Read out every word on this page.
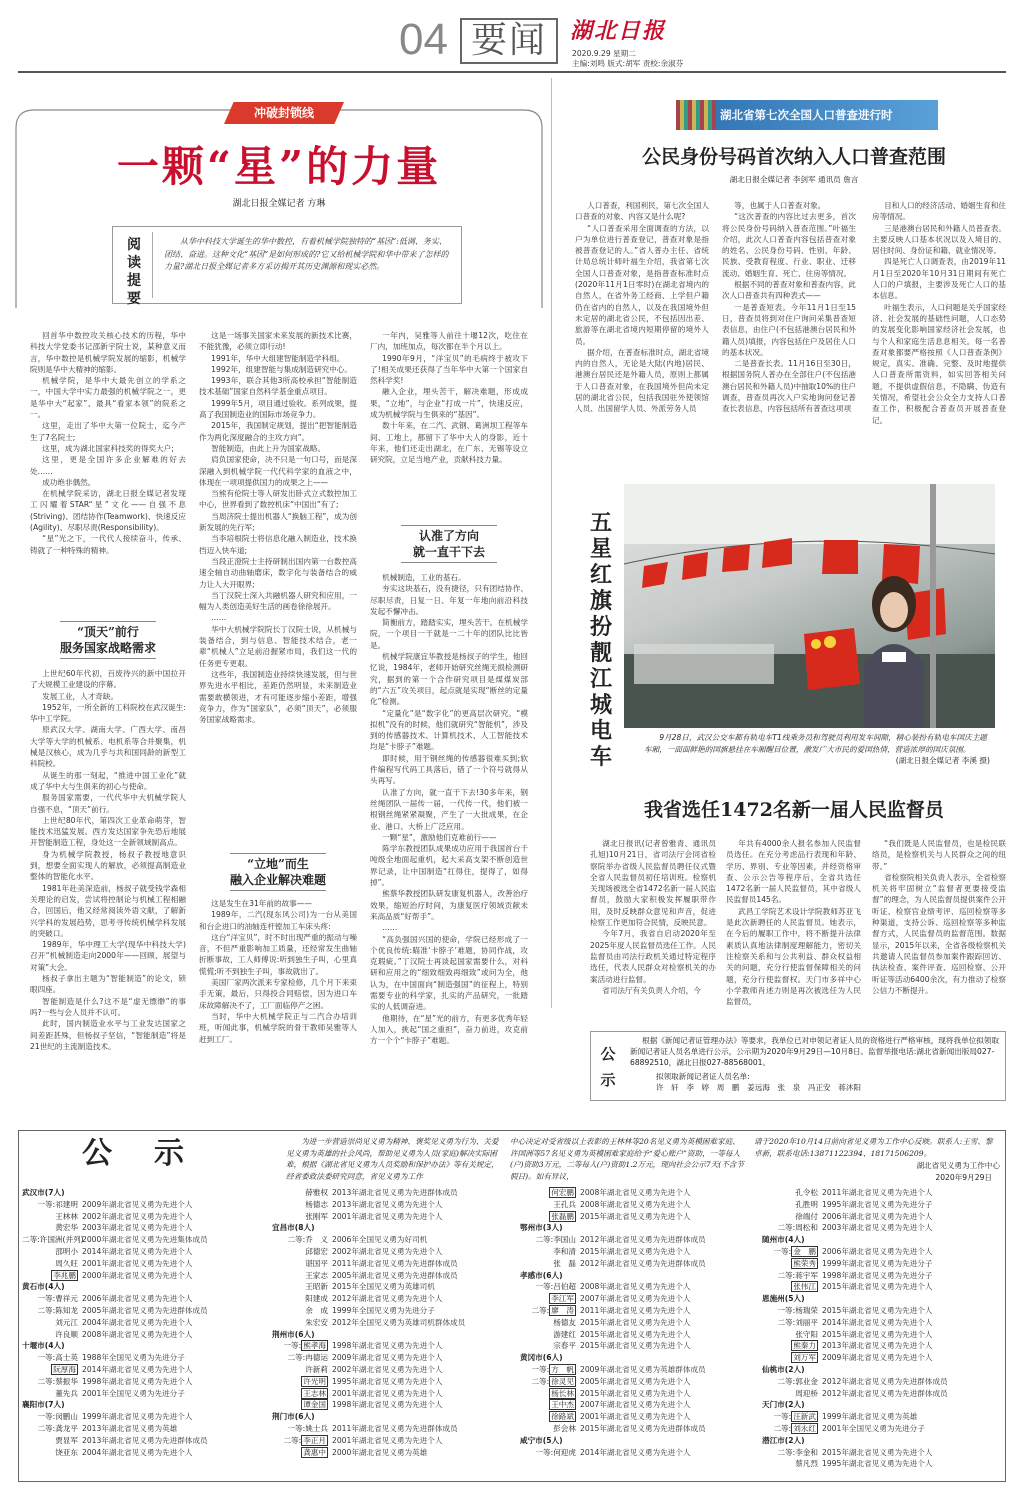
04 要闻	湖北日报
2020.9.29 星期二
主编:刘鸣 版式:胡军 责校:余淑芬
冲破封锁线
一颗“星”的力量
湖北日报全媒记者 方琳
阅读提要
从华中科技大学诞生的华中数控，有着机械学院独特的“基因”:低调、务实、团结、奋进。这种文化“基因”是如何形成的?它又给机械学院和华中带来了怎样的力量?湖北日报全媒记者多方采访揭开其历史渊源和现实必然。

回首华中数控攻关核心技术的历程，华中科技大学党委书记邵新宇院士说，某种意义而言，华中数控是机械学院发展的缩影，机械学院则是华中大精神的缩影。

机械学院，是华中大最先创立的学系之一，中国大学中实力最强的机械学院之一，更是华中大“起家”、最具“看家本领”的院系之一。

这里，走出了华中大第一位院士，迄今产生了7名院士;

这里，成为湖北国家科技奖的得奖大户;

这里，更是全国许多企业解难的好去处……

成功绝非偶然。

在机械学院采访，湖北日报全媒记者发现工闪耀着STAR“星”文化——自强不息(Striving)、团结协作(Teamwork)、快速反应(Agility)、尽职尽责(Responsibility)。

“星”光之下，一代代人接续奋斗，传承、铸就了一种特殊的精神。

“顶天”前行
服务国家战略需求

上世纪60年代初，百废待兴的新中国拉开了大规模工业建设的序幕。

发展工业，人才奇缺。

1952年，一所全新的工科院校在武汉诞生:华中工学院。

原武汉大学、湖南大学、广西大学、南昌大学等大学的机械系、电机系等合并聚集，机械是汉核心，成为几乎与共和国同龄的新型工科院校。

从诞生的那一刻起，“推进中国工业化”就成了华中大与生俱来的初心与使命。

服务国家需要，一代代华中大机械学院人自强不息，“顶天”前行。

上世纪80年代，第四次工业革命萌芽，智能技术迅猛发展。西方发达国家争先恐后地展开智能制造工程，身处这一全新领域制高点。

身为机械学院教授，杨叔子教授地意识到，想要全面实现人的解放，必须提高制造业整体的智能化水平。

1981年赴美深造前，杨叔子就受钱学森相关理论的启发，尝试将控制论与机械工程相融合，回国后，他又经常阅读外语文献，了解新兴学科的发展趋势，思考寻传统机械学科发展的突破口。

1989年，华中理工大学(现华中科技大学)召开“机械制造走向2000年——回顾、展望与对策”大会。

杨叔子拿出主题为“智能制造”的论文，锁眼四座。

智能制造是什么?这不是“虚无缥缈”的事吗?一些与会人员并不认可。

此时，国内制造业水平与工业发达国家之间差距甚殊，但杨叔子坚信，“智能制造”将是21世纪的主流制造技术。

这是一场事关国家未来发展的新技术比赛，不能犹豫，必须立即行动!

1991年，华中大组建智能制造学科组。

1992年，组建智能与集成制造研究中心。

1993年，联合其他3所高校承担“智能制造技术基础”国家自然科学基金重点项目。

1999年5月，项目通过验收。系列成果，提高了我国制造业的国际市场竞争力。

2015年，我国制定规划，提出“把智能制造作为两化深度融合的主攻方向”。

智能制造，由此上升为国家战略。

肩负国家使命，决不只是一句口号，而是深深融入到机械学院一代代科学家的血液之中，体现在一项项提供国力的成果之上——

当熊有伦院士等人研发出卧式立式数控加工中心，世界看到了数控机床“中国出”有了;

当周济院士提出机器人“换脑工程”，成为创新发展的先行军;

当李培根院士将信息化融入制造业，技术换挡迈入快车道;

当段正澄院士主持研制出国内第一台数控高速全轴自动曲轴磨床，数字化与装备结合的威力让人大开眼界;

当丁汉院士深入共融机器人研究和应用，一幅为人类创造美好生活的画卷徐徐展开。

……

华中大机械学院院长丁汉院士说，从机械与装备结合，到与信息、智能技术结合，老一辈“机械人”立足前沿握紧市局，我们这一代的任务更专更艰。

这些年，我国制造业持续快速发展，但与世界先进水平相比，差距仍然明显，未来制造业需要敢横领进，才有可能逐步缩小差距，增强竞争力，作为“国家队”，必须“顶天”，必须服务国家战略需求。

“立地”而生
融入企业解决难题

这是发生在31年前的故事——

1989年，二汽(现东风公司)为一台从美国和台企进口的油轴连杆镗加工车床头疼:

这台“洋宝贝”，时不时出现严重的振动与噪音，不但严重影响加工质量，还经常发生曲轴折断事故，工人师傅说:听到独生子叫，心里真慌慌;听不到独生子叫，事故就出了。

美国厂家两次派来专家检修，几个月下来束手无策，最后，只得投合同赔偿，因为进口车床故障解决不了，工厂面临停产之困。

当时，华中大机械学院正与二汽合办培训班，听闻此事，机械学院的骨干教师吴雅等人赶到工厂。

一年内，吴雅等人前往十堰12次，吃住在厂内，加班加点，每次都在半个月以上。

1990年9月，“洋宝贝”的毛病终于被攻下了!相关成果还获得了当年华中大第一个国家自然科学奖!

融入企业，埋头苦干，解决难题，形成成果，“立地”，与企业“打成一片”，快速反应，成为机械学院与生俱来的“基因”。

数十年来，在二汽、武钢、葛洲坝工程等车间、工地上，都留下了华中大人的身影，近十年来，他们还走出湖北，在广东、无锡等设立研究院，立足当地产业，贡献科技力量。

认准了方向
就一直干下去

机械制造，工业的基石。

夯实这块基石，没有捷径，只有团结协作、尽职尽责，日复一日、年复一年地向前沿科技发起不懈冲击。

简衡前方，踏踏实实，埋头苦干。在机械学院，一个项目一干就是一二十年的团队比比皆是。

机械学院康宜华教授是杨叔子的学生，他回忆说，1984年，老师开始研究丝绳无损检测研究，据到的第一个合作研究项目是煤煤炭部的“六五”攻关项目，起点就是实现“断丝的定量化”检测。

“定量化”是“数字化”的更高层次研究。“模拟机”没有的时候，他们就研究“智能机”，涉及到的传感器技术、计算机技术、人工智能技术均是“卡脖子”难题。

即时候，用于钢丝绳的传感器很难买到;软件编程写代码工具落后，错了一个符号就得从头再写。

认准了方向，就一直干下去!30多年来，钢丝绳团队一届传一届，一代传一代，他们被一根钢丝绳紧紧凝聚，产生了一大批成果，在企业、港口、大桥上广泛应用。

一颗“星”，激励他们克难前行——

陈学东教授团队成果成功应用于我国首台千吨级全地面起重机，起大采高支架不断创造世界记录，让中国制造“扛得住，提得了，如得掉”。

熊蔡华教授团队研发康复机器人，改善治疗效果，缩短治疗时间，为康复医疗领域贡献未来高品质“好帮手”。

……

“高负强国兴国的使命，学院已经形成了一个优良传统:瞄准‘卡脖子’难题，协同作战，攻克瑕疵。”丁汉院士再谈起国家需要什么，对科研和应用之的“细致细致再细致”或问为全，他认为，在中国面向“制造强国”的征程上，特别需要专业的科学家，扎实的产品研究，一批踏实的人低调奋进。

他期待，在“星”光的前方，有更多优秀年轻人加入，挑起“国之重担”，奋力前进，攻克前方一个个“卡脖子”难题。

湖北省第七次全国人口普查进行时
公民身份号码首次纳入人口普查范围
湖北日报全媒记者 李剑军 通讯员 詹言

人口普查，利国利民，第七次全国人口普查的对象、内容又是什么呢?

“人口普查采用全面调查的方法，以户为单位进行普查登记，普查对象是指被普查登记的人。”省人普办主任、省统计局总统计师叶福生介绍，我省第七次全国人口普查对象，是指普查标准时点(2020年11月1日零时)在湖北省境内的自然人，在省外务工经商、上学但户籍仍在省内的自然人，以及在我国境外但未定居的湖北省公民，不包括因出差、旅游等在湖北省境内短期停留的境外人员。

据介绍，在普查标准时点，湖北省境内的自然人，无论是大陆(内地)居民、港澳台居民还是外籍人员，原则上都属于人口普查对象，在我国境外但尚未定居的湖北省公民，包括我国驻外使领馆人员、出国留学人员、外派劳务人员

等，也属于人口普查对象。

“这次普查的内容比过去更多，首次将公民身份号码纳入普查范围。”叶福生介绍，此次人口普查内容包括普查对象的姓名、公民身份号码、性别、年龄、民族、受教育程度、行业、职业、迁移流动、婚姻生育、死亡、住房等情况。

根据不同的普查对象和普查内容，此次人口普查共有四种表式——

一是普查短表。今年11月1日至15日，普查员将到对住户询问采集普查短表信息，由住户(不包括港澳台居民和外籍人员)填报，内容包括住户及居住人口的基本状况。

二是普查长表。11月16日至30日，根据国务院人普办在全部住户(不包括港澳台居民和外籍人员)中抽取10%的住户调查，普查员再次入户实地询问登记普查长表信息，内容包括所有普查这项项

目和人口的经济活动、婚姻生育和住房等情况。

三是港澳台居民和外籍人员普查表。主要反映人口基本状况以及入境目的、居住时间、身份证和籍、就业情况等。

四是死亡人口调查表，由2019年11月1日至2020年10月31日期间有死亡人口的户填报，主要涉及死亡人口的基本信息。

叶福生表示，人口问题是关乎国家经济、社会发展的基础性问题，人口态势的发展变化影响国家经济社会发展，也与个人和家庭生活息息相关。每一名普查对象都要严格按照《人口普查条例》规定，真实、准确、完整、及时地提供人口普查所需资料，如实回答相关问题，不提供虚假信息，不隐瞒、伪造有关情况，希望社会公众全力支持人口普查工作，积极配合普查员开展普查登记。

五星红旗扮靓江城电车
9月28日，武汉公交车都有轨电车T1线乘务员和驾驶员利用发车间隙，精心装扮有轨电车国庆主题车厢，一面面鲜艳的国旗悬挂在车厢醒目位置，激发广大市民的爱国热情，营造浓厚的国庆氛围。
(湖北日报全媒记者 李溪 摄)
我省选任1472名新一届人民监督员

湖北日报讯(记者曾雅青、通讯员孔旭)10月21日，省司法厅会同省检察院举办省级人民监督员聘任仪式暨全省人民监督员初任培训班。检察机关现场被选全省1472名新一届人民监督员，鼓励大家积极发挥履职带作用，及时反映群众意见和声音，促进检察工作更加符合民情，反映民意。

今年7月，我省自启动2020年至2025年度人民监督员选任工作。人民监督员由司法行政机关通过特定程序选任，代表人民群众对检察机关的办案活动进行监督。

省司法厅有关负责人介绍，今

年共有4000余人报名参加人民监督员选任。在充分考虑品行表现和年龄、学历、界别、专业等因素，并经资格审查、公示公告等程序后，全省共选任1472名新一届人民监督员，其中省级人民监督员145名。

武昌工学院艺术设计学院教师苏亚飞是此次新聘任的人民监督员。她表示，在今后的履职工作中，将不断提升法律素质认真地法律制度理解能力，密切关注检察关系和与公共利益、群众权益相关的问题，充分行使监督保障相关的问题，充分行使监督权。天门市多祥中心小学教师肖述力则是再次被选任为人民监督员，

“我们既是人民监督员，也是检民联络员，是检察机关与人民群众之间的纽带。”

省检察院相关负责人表示，全省检察机关将牢固树立“监督者更要接受监督”的理念，为人民监督员提供案件公开听证、检察官业绩考评、巡回检察等多种渠道，支持公诉、巡回检察等多种监督方式，人民监督员的监督范围。数据显示，2015年以来，全省各级检察机关共邀请人民监督员参加案件跟踪回访、执法检查、案件评查、巡回检察、公开听证等活动6400余次，有力推动了检察公信力不断提升。

公示
根据《新闻记者证管理办法》等要求，我单位已对申领记者证人员的资格进行严格审核，现将我单位拟领取新闻记者证人员名单进行公示，公示期为2020年9月29日—10月8日。监督举报电话:湖北省新闻出版局027-68892510，湖北日报027-88568001。
拟领取新闻记者证人员名单:
许　轩　李　婷　周　鹏　姜远海　张　泉　冯正安　蒋沐阳
公　示	为进一步营造崇尚见义勇为精神、褒奖见义勇为行为、关爱见义勇为英雄的社会风尚，帮助见义勇为人员(家庭)解决实际困难，根据《湖北省见义勇为人员奖励和保护办法》等有关规定，经省委政法委研究同意，省见义勇为工作
中心决定对受省级以上表彰的王林林等20名见义勇为英模困难家庭、许国洲等57名见义勇为英模困难家庭给予“爱心账户”资助，一等每人(户)资助3万元，二等每人(户)资助1.2万元，现向社会公示7天(不含节假日)。如有异议，
请于2020年10月14日前向省见义勇为工作中心反映。联系人:王雪、黎卓新，联系电话:13871122394、18171506209。
湖北省见义勇为工作中心
2020年9月29日
武汉市(7人)
一等:祁建明 2009年湖北省见义勇为先进个人
王林林 2002年湖北省见义勇为先进个人
黄宏华 2003年湖北省见义勇为先进个人
二等:许国洲(并列)2000年湖北省见义勇为先进集体成员
邵明小 2014年湖北省见义勇为先进个人
周久旺 2001年湖北省见义勇为先进个人
李兆鹏 2000年湖北省见义勇为先进个人
黄石市(4人)
一等:曹祥元 2006年湖北省见义勇为先进个人
二等:陈知龙 2005年湖北省见义勇为先进群体成员
刘元江 2004年湖北省见义勇为先进个人
许良顺 2008年湖北省见义勇为先进个人
十堰市(4人)
一等:高士英 1988年全国见义勇为先进分子
阮厚海 2014年湖北省见义勇为先进个人
二等:蔡振华 1998年湖北省见义勇为先进个人
董先兵 2001年全国见义勇为先进分子
襄阳市(7人)
一等:闵鹏山 1999年湖北省见义勇为先进个人
二等:龚龙平 2013年湖北省见义勇为英雄
贾显军 2013年湖北省见义勇为先进群体成员
饶亚东 2004年湖北省见义勇为先进个人
薛雅权 2013年湖北省见义勇为先进群体成员
杨德志 2013年湖北省见义勇为先进个人
张刚军 2001年湖北省见义勇为先进个人
宜昌市(8人)
二等:乔　义 2006年全国见义勇为好司机
邱德宏 2002年湖北省见义勇为先进个人
谌国平 2011年湖北省见义勇为先进群体成员
王家志 2005年湖北省见义勇为先进群体成员
王昭新 2015年全国见义勇为英雄司机
阳建成 2012年湖北省见义勇为先进个人
余　成 1999年全国见义勇为先进分子
朱宏安 2012年全国见义勇为英雄司机群体成员
荆州市(6人)
一等: 熊孝海 1998年湖北省见义勇为先进个人
二等:冉德运 2009年湖北省见义勇为先进个人
许新莉 2002年湖北省见义勇为先进个人
许光明 1995年湖北省见义勇为先进个人
王志林 2001年湖北省见义勇为先进个人
谭金国 1998年湖北省见义勇为先进个人
荆门市(6人)
一等:姚士兵 2011年湖北省见义勇为先进群体成员
二等: 李正月 2001年湖北省见义勇为先进个人
龚惠中 2000年湖北省见义勇为英雄
何宏鹏 2008年湖北省见义勇为先进个人
王孔兵 2008年湖北省见义勇为先进个人
张磊鹏 2015年湖北省见义勇为先进个人
鄂州市(3人)
二等:李国山 2012年湖北省见义勇为先进群体成员
李和清 2015年湖北省见义勇为先进个人
张　磊 2012年湖北省见义勇为先进群体成员
孝感市(6人)
一等:吕伯超 2008年湖北省见义勇为先进个人
李江军 2007年湖北省见义勇为先进个人
二等: 廖　涛 2011年湖北省见义勇为先进个人
杨德友 2015年湖北省见义勇为先进个人
游建红 2015年湖北省见义勇为先进个人
宗春平 2015年湖北省见义勇为先进个人
黄冈市(6人)
一等: 方　帆 2009年湖北省见义勇为英雄群体成员
二等: 徐灵见 2005年湖北省见义勇为先进个人
杨长林 2015年湖北省见义勇为先进个人
王中杰 2007年湖北省见义勇为先进个人
徐路斌 2001年湖北省见义勇为先进个人
彭会林 2015年湖北省见义勇为先进群体成员
咸宁市(5人)
一等:何迎虎 2014年湖北省见义勇为先进个人
孔令松 2011年湖北省见义勇为先进个人
孔胜明 1995年湖北省见义勇为先进分子
徐端付 2006年湖北省见义勇为先进个人
二等:周松和 2003年湖北省见义勇为先进个人
随州市(4人)
一等: 金　鹏 2006年湖北省见义勇为先进个人
熊荣秀 1999年湖北省见义勇为先进分子
二等:蒋宇军 1998年湖北省见义勇为先进分子
张伟江 2015年湖北省见义勇为先进个人
恩施州(5人)
一等:杨瑞荣 2015年湖北省见义勇为先进个人
二等:刘丽平 2014年湖北省见义勇为先进个人
张守阳 2015年湖北省见义勇为先进个人
熊秦力 2013年湖北省见义勇为先进个人
刘万军 2009年湖北省见义勇为先进个人
仙桃市(2人)
二等:郭业金 2012年湖北省见义勇为先进群体成员
周迎桥 2012年湖北省见义勇为先进群体成员
天门市(2人)
一等: 汪新武 1999年湖北省见义勇为英雄
二等: 刘永红 2001年全国见义勇为先进分子
潜江市(2人)
二等:李金和 2015年湖北省见义勇为先进个人
蔡凡烈 1995年湖北省见义勇为先进个人
